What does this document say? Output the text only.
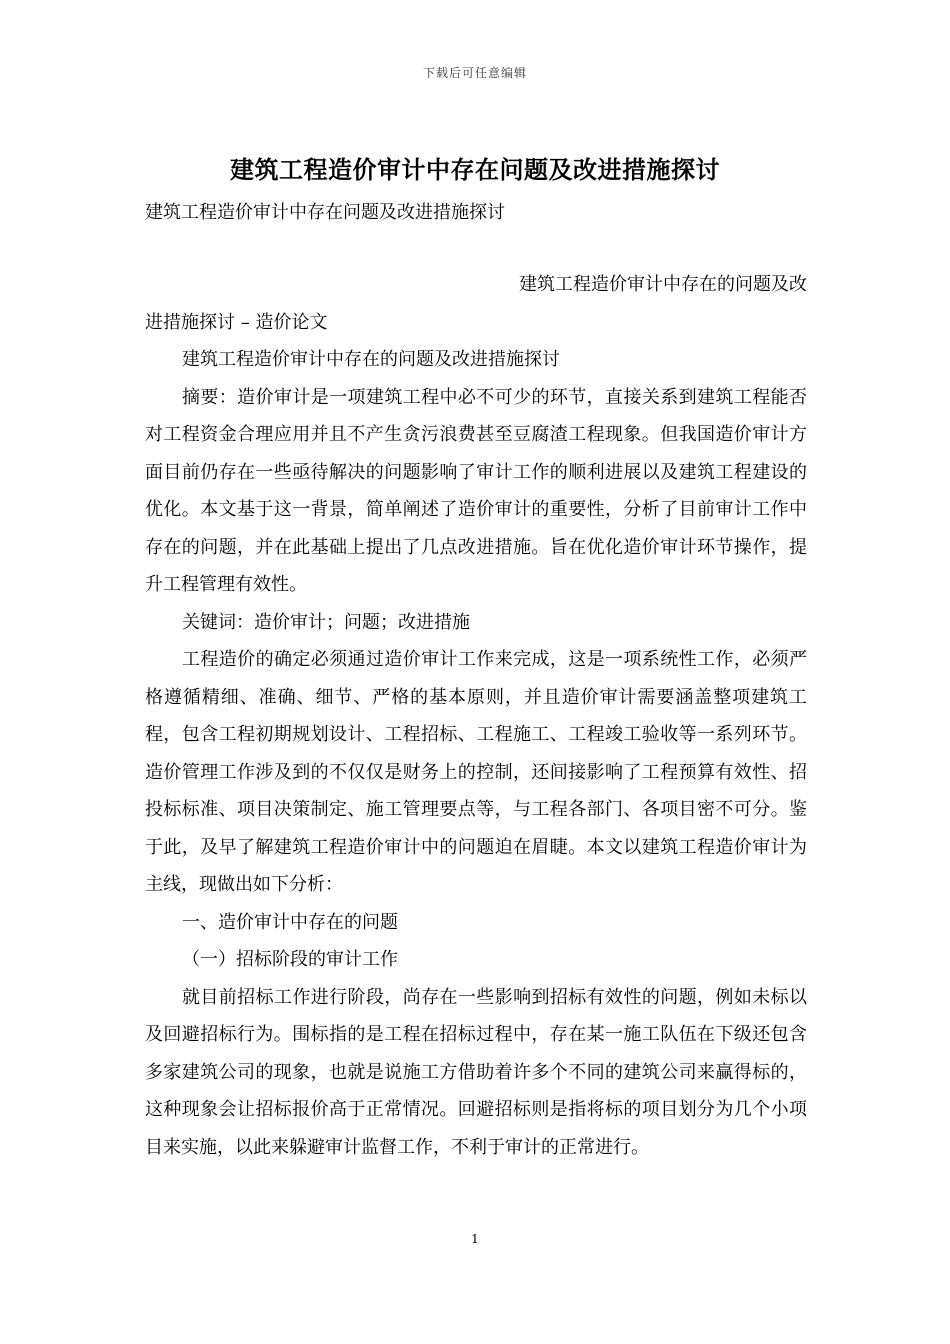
下载后可任意编辑
建筑工程造价审计中存在问题及改进措施探讨
建筑工程造价审计中存在问题及改进措施探讨

建筑工程造价审计中存在的问题及改

进措施探讨 – 造价论文

建筑工程造价审计中存在的问题及改进措施探讨

摘要：造价审计是一项建筑工程中必不可少的环节，直接关系到建筑工程能否对工程资金合理应用并且不产生贪污浪费甚至豆腐渣工程现象。但我国造价审计方面目前仍存在一些亟待解决的问题影响了审计工作的顺利进展以及建筑工程建设的优化。本文基于这一背景，简单阐述了造价审计的重要性，分析了目前审计工作中存在的问题，并在此基础上提出了几点改进措施。旨在优化造价审计环节操作，提升工程管理有效性。

关键词：造价审计；问题；改进措施

工程造价的确定必须通过造价审计工作来完成，这是一项系统性工作，必须严格遵循精细、准确、细节、严格的基本原则，并且造价审计需要涵盖整项建筑工程，包含工程初期规划设计、工程招标、工程施工、工程竣工验收等一系列环节。造价管理工作涉及到的不仅仅是财务上的控制，还间接影响了工程预算有效性、招投标标准、项目决策制定、施工管理要点等，与工程各部门、各项目密不可分。鉴于此，及早了解建筑工程造价审计中的问题迫在眉睫。本文以建筑工程造价审计为主线，现做出如下分析：

一、造价审计中存在的问题

（一）招标阶段的审计工作

就目前招标工作进行阶段，尚存在一些影响到招标有效性的问题，例如未标以及回避招标行为。围标指的是工程在招标过程中，存在某一施工队伍在下级还包含多家建筑公司的现象，也就是说施工方借助着许多个不同的建筑公司来赢得标的，这种现象会让招标报价高于正常情况。回避招标则是指将标的项目划分为几个小项目来实施，以此来躲避审计监督工作，不利于审计的正常进行。

1
